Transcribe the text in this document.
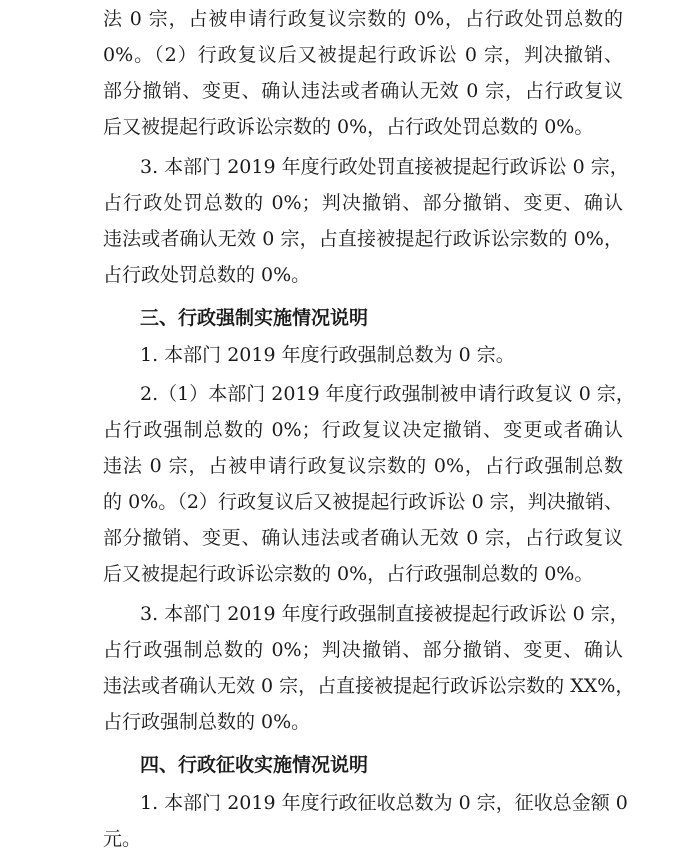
法 0 宗，占被申请行政复议宗数的 0%，占行政处罚总数的
0%。（2）行政复议后又被提起行政诉讼 0 宗，判决撤销、
部分撤销、变更、确认违法或者确认无效 0 宗，占行政复议
后又被提起行政诉讼宗数的 0%，占行政处罚总数的 0%。
3. 本部门 2019 年度行政处罚直接被提起行政诉讼 0 宗，
占行政处罚总数的 0%；判决撤销、部分撤销、变更、确认
违法或者确认无效 0 宗，占直接被提起行政诉讼宗数的 0%，
占行政处罚总数的 0%。
三、行政强制实施情况说明
1. 本部门 2019 年度行政强制总数为 0 宗。
2.（1）本部门 2019 年度行政强制被申请行政复议 0 宗，
占行政强制总数的 0%；行政复议决定撤销、变更或者确认
违法 0 宗，占被申请行政复议宗数的 0%，占行政强制总数
的 0%。（2）行政复议后又被提起行政诉讼 0 宗，判决撤销、
部分撤销、变更、确认违法或者确认无效 0 宗，占行政复议
后又被提起行政诉讼宗数的 0%，占行政强制总数的 0%。
3. 本部门 2019 年度行政强制直接被提起行政诉讼 0 宗，
占行政强制总数的 0%；判决撤销、部分撤销、变更、确认
违法或者确认无效 0 宗，占直接被提起行政诉讼宗数的 XX%，
占行政强制总数的 0%。
四、行政征收实施情况说明
1. 本部门 2019 年度行政征收总数为 0 宗，征收总金额 0
元。
